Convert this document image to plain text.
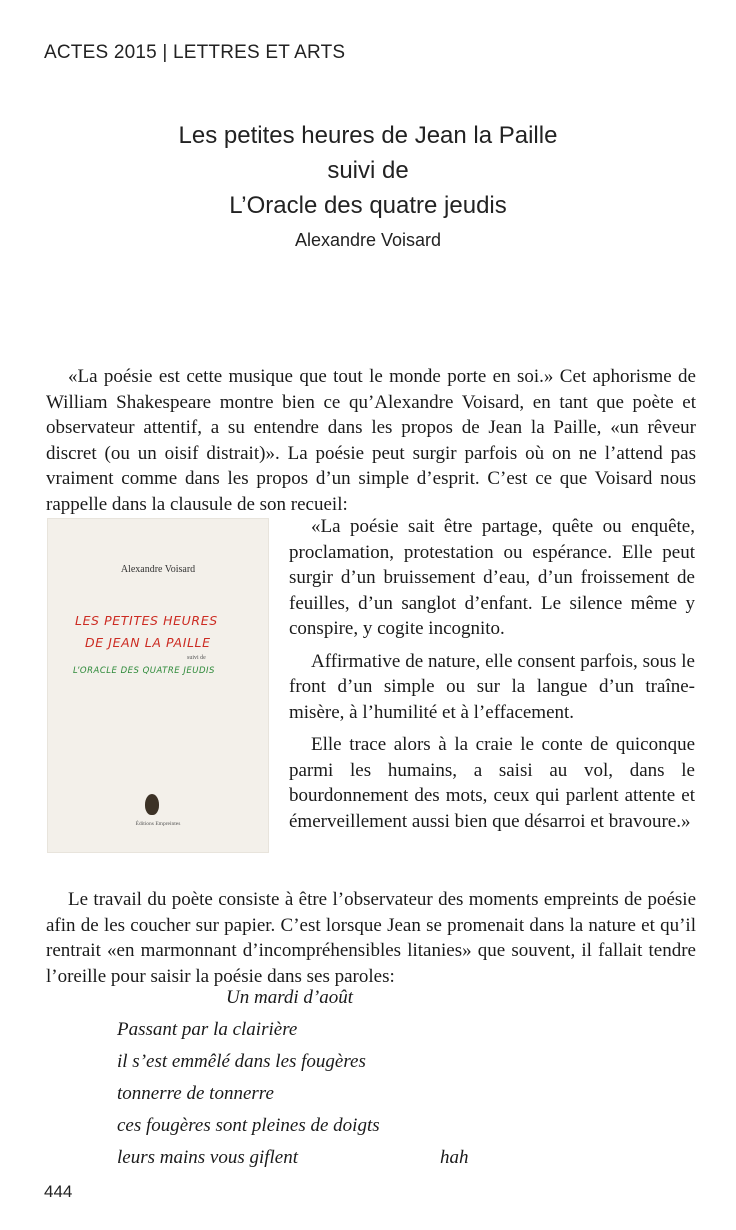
ACTES 2015 | LETTRES ET ARTS
Les petites heures de Jean la Paille
suivi de
L’Oracle des quatre jeudis
Alexandre Voisard

«La poésie est cette musique que tout le monde porte en soi.» Cet aphorisme de William Shakespeare montre bien ce qu’Alexandre Voisard, en tant que poète et observateur attentif, a su entendre dans les propos de Jean la Paille, «un rêveur discret (ou un oisif distrait)». La poésie peut surgir parfois où on ne l’attend pas vraiment comme dans les propos d’un simple d’esprit. C’est ce que Voisard nous rappelle dans la clausule de son recueil:

Alexandre Voisard
LES PETITES HEURES
DE JEAN LA PAILLE
suivi de
L’ORACLE DES QUATRE JEUDIS
Éditions Empreintes

«La poésie sait être partage, quête ou enquête, proclamation, protestation ou espérance. Elle peut surgir d’un bruissement d’eau, d’un froissement de feuilles, d’un sanglot d’enfant. Le silence même y conspire, y cogite incognito.

Affirmative de nature, elle consent parfois, sous le front d’un simple ou sur la langue d’un traîne-misère, à l’humilité et à l’effacement.

Elle trace alors à la craie le conte de quiconque parmi les humains, a saisi au vol, dans le bourdonnement des mots, ceux qui parlent attente et émerveillement aussi bien que désarroi et bravoure.»

Le travail du poète consiste à être l’observateur des moments empreints de poésie afin de les coucher sur papier. C’est lorsque Jean se promenait dans la nature et qu’il rentrait «en marmonnant d’incompréhensibles litanies» que souvent, il fallait tendre l’oreille pour saisir la poésie dans ses paroles:

Un mardi d’août
Passant par la clairière
il s’est emmêlé dans les fougères
tonnerre de tonnerre
ces fougères sont pleines de doigts
leurs mains vous giflent	hah
444
